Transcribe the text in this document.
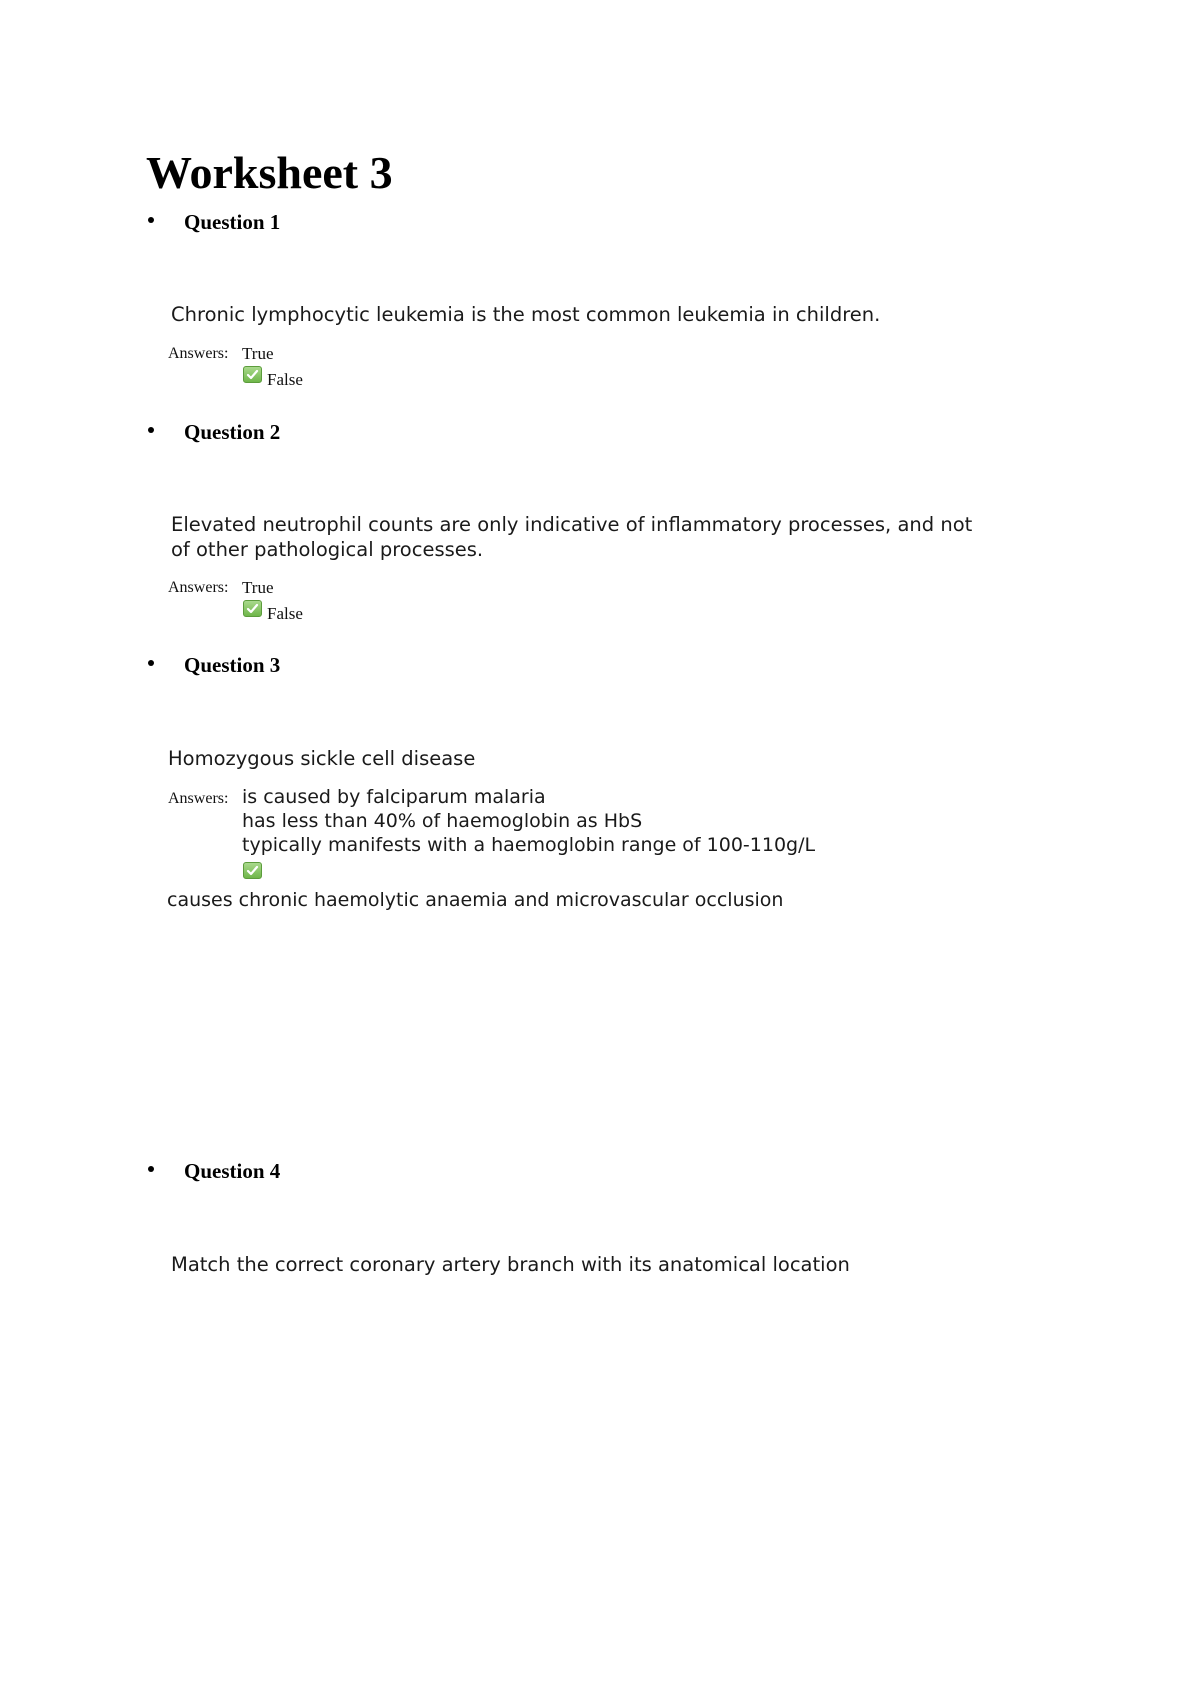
Worksheet 3
Question 1
Chronic lymphocytic leukemia is the most common leukemia in children.
Answers: True
False
Question 2
Elevated neutrophil counts are only indicative of inflammatory processes, and not
of other pathological processes.
Answers: True
False
Question 3
Homozygous sickle cell disease
Answers: is caused by falciparum malaria
has less than 40% of haemoglobin as HbS
typically manifests with a haemoglobin range of 100-110g/L
causes chronic haemolytic anaemia and microvascular occlusion
Question 4
Match the correct coronary artery branch with its anatomical location
